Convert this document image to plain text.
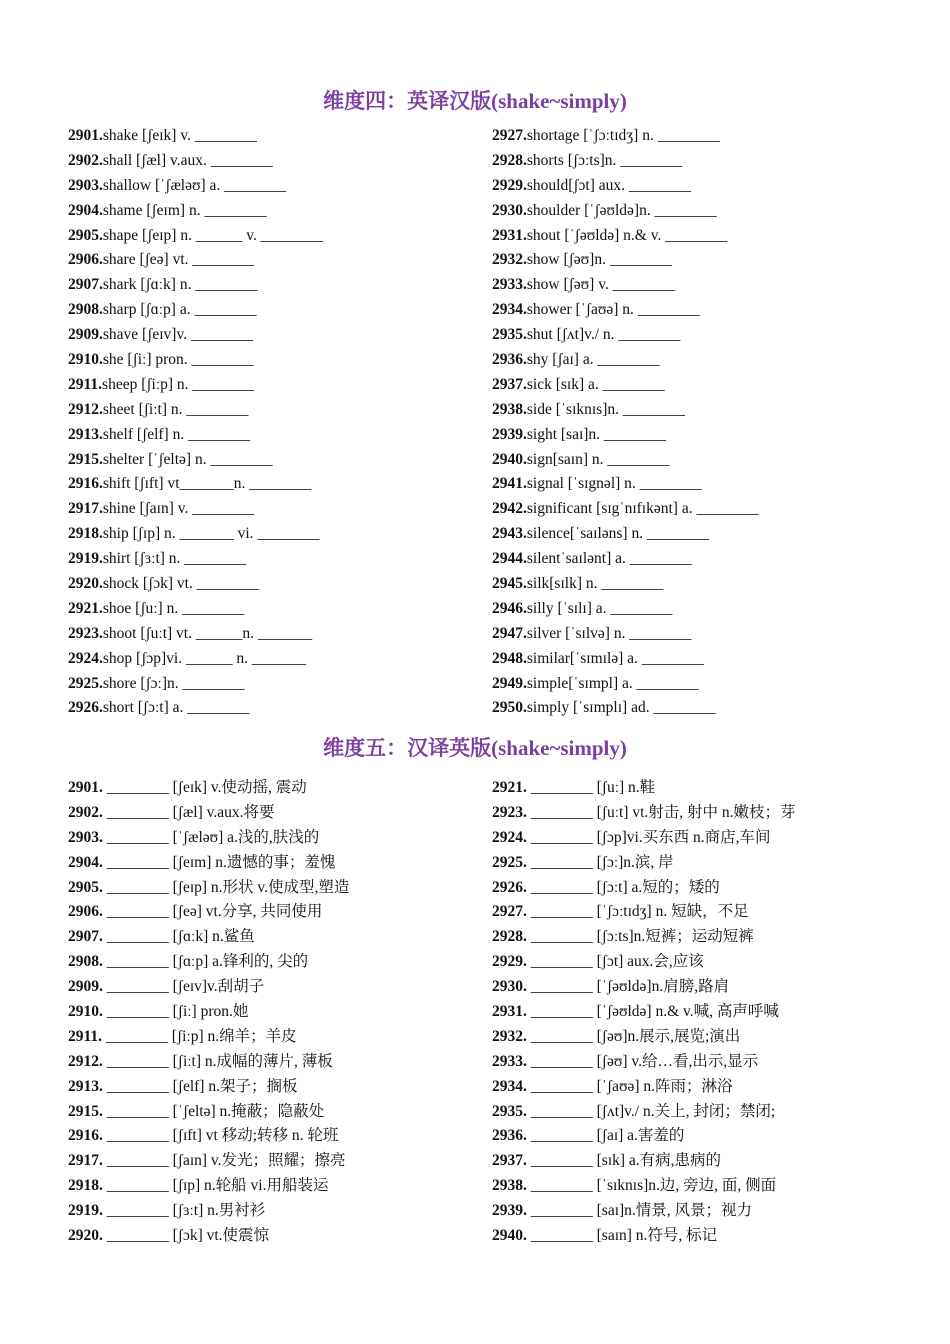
维度四：英译汉版(shake~simply)
2901.shake [ʃeɪk] v. ________
2902.shall [ʃæl] v.aux. ________
2903.shallow [ˈʃæləʊ] a. ________
2904.shame [ʃeɪm] n. ________
2905.shape [ʃeɪp] n. ______ v. ________
2906.share [ʃeə] vt. ________
2907.shark [ʃɑːk] n. ________
2908.sharp [ʃɑːp] a. ________
2909.shave [ʃeɪv]v. ________
2910.she [ʃiː] pron. ________
2911.sheep [ʃiːp] n. ________
2912.sheet [ʃiːt] n. ________
2913.shelf [ʃelf] n. ________
2915.shelter [ˈʃeltə] n. ________
2916.shift [ʃɪft] vt_______n. ________
2917.shine [ʃaɪn] v. ________
2918.ship [ʃɪp] n. _______ vi. ________
2919.shirt [ʃɜːt] n. ________
2920.shock [ʃɔk] vt. ________
2921.shoe [ʃuː] n. ________
2923.shoot [ʃuːt] vt. ______n. _______
2924.shop [ʃɔp]vi. ______ n. _______
2925.shore [ʃɔː]n. ________
2926.short [ʃɔːt] a. ________
2927.shortage [ˈʃɔːtɪdʒ] n. ________
2928.shorts [ʃɔːts]n. ________
2929.should[ʃɔt] aux. ________
2930.shoulder [ˈʃəʊldə]n. ________
2931.shout [ˈʃəʊldə] n.& v. ________
2932.show [ʃəʊ]n. ________
2933.show [ʃəʊ] v. ________
2934.shower [ˈʃaʊə] n. ________
2935.shut [ʃʌt]v./ n. ________
2936.shy [ʃaɪ] a. ________
2937.sick [sɪk] a. ________
2938.side [ˈsɪknɪs]n. ________
2939.sight [saɪ]n. ________
2940.sign[saɪn] n. ________
2941.signal [ˈsɪgnəl] n. ________
2942.significant [sɪgˈnɪfɪkənt] a. ________
2943.silence[ˈsaɪləns] n. ________
2944.silentˈsaɪlənt] a. ________
2945.silk[sɪlk] n. ________
2946.silly [ˈsɪlɪ] a. ________
2947.silver [ˈsɪlvə] n. ________
2948.similar[ˈsɪmɪlə] a. ________
2949.simple[ˈsɪmpl] a. ________
2950.simply [ˈsɪmplɪ] ad. ________
维度五：汉译英版(shake~simply)
2901. ________ [ʃeɪk] v.使动摇, 震动
2902. ________ [ʃæl] v.aux.将要
2903. ________ [ˈʃæləʊ] a.浅的,肤浅的
2904. ________ [ʃeɪm] n.遗憾的事；羞愧
2905. ________ [ʃeɪp] n.形状 v.使成型,塑造
2906. ________ [ʃeə] vt.分享, 共同使用
2907. ________ [ʃɑːk] n.鲨鱼
2908. ________ [ʃɑːp] a.锋利的, 尖的
2909. ________ [ʃeɪv]v.刮胡子
2910. ________ [ʃiː] pron.她
2911. ________ [ʃiːp] n.绵羊；羊皮
2912. ________ [ʃiːt] n.成幅的薄片, 薄板
2913. ________ [ʃelf] n.架子；搁板
2915. ________ [ˈʃeltə] n.掩蔽；隐蔽处
2916. ________ [ʃɪft] vt 移动;转移 n. 轮班
2917. ________ [ʃaɪn] v.发光；照耀；擦亮
2918. ________ [ʃɪp] n.轮船 vi.用船装运
2919. ________ [ʃɜːt] n.男衬衫
2920. ________ [ʃɔk] vt.使震惊
2921. ________ [ʃuː] n.鞋
2923. ________ [ʃuːt] vt.射击, 射中 n.嫩枝；芽
2924. ________ [ʃɔp]vi.买东西 n.商店,车间
2925. ________ [ʃɔː]n.滨, 岸
2926. ________ [ʃɔːt] a.短的；矮的
2927. ________ [ˈʃɔːtɪdʒ] n. 短缺，不足
2928. ________ [ʃɔːts]n.短裤；运动短裤
2929. ________ [ʃɔt] aux.会,应该
2930. ________ [ˈʃəʊldə]n.肩膀,路肩
2931. ________ [ˈʃəʊldə] n.& v.喊, 高声呼喊
2932. ________ [ʃəʊ]n.展示,展览;演出
2933. ________ [ʃəʊ] v.给…看,出示,显示
2934. ________ [ˈʃaʊə] n.阵雨；淋浴
2935. ________ [ʃʌt]v./ n.关上, 封闭；禁闭;
2936. ________ [ʃaɪ] a.害羞的
2937. ________ [sɪk] a.有病,患病的
2938. ________ [ˈsɪknɪs]n.边, 旁边, 面, 侧面
2939. ________ [saɪ]n.情景, 风景；视力
2940. ________ [saɪn] n.符号, 标记
